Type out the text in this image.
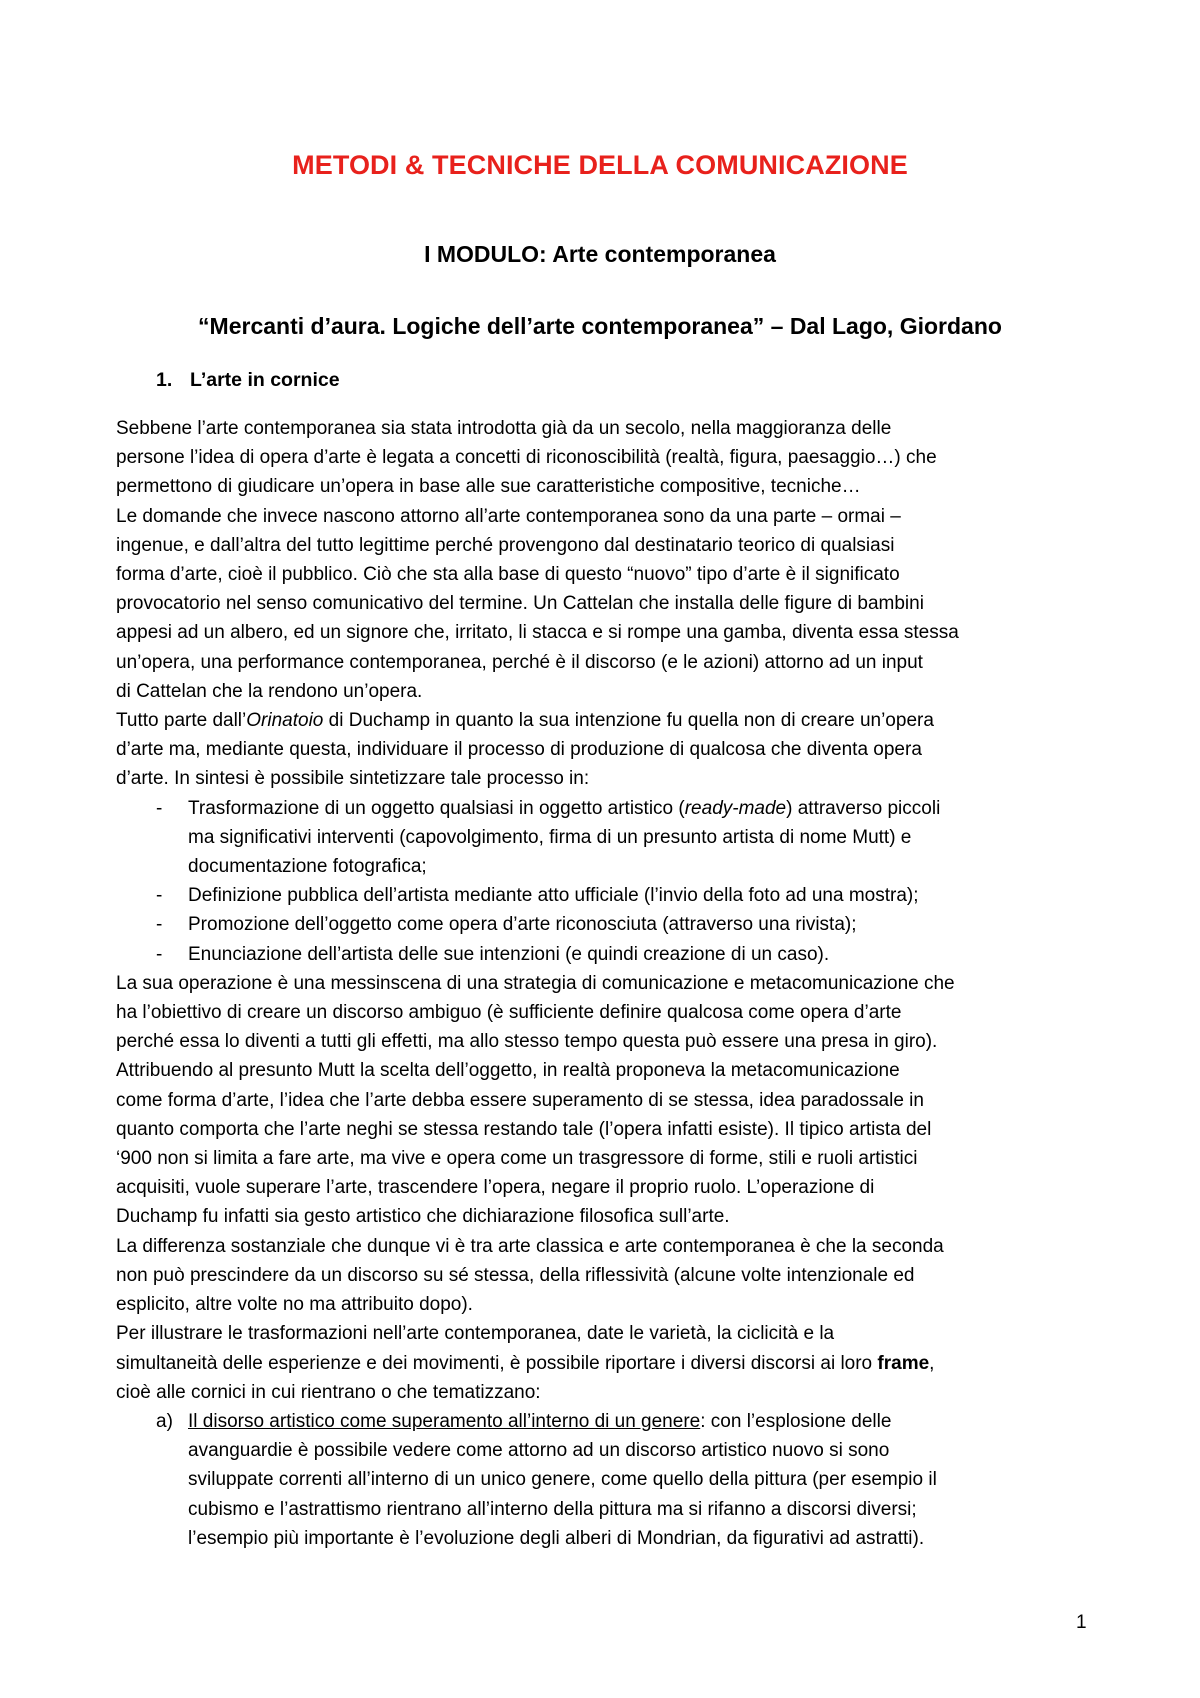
METODI & TECNICHE DELLA COMUNICAZIONE
I MODULO: Arte contemporanea
“Mercanti d’aura. Logiche dell’arte contemporanea” – Dal Lago, Giordano
1. L’arte in cornice

Sebbene l’arte contemporanea sia stata introdotta già da un secolo, nella maggioranza delle

persone l’idea di opera d’arte è legata a concetti di riconoscibilità (realtà, figura, paesaggio…) che

permettono di giudicare un’opera in base alle sue caratteristiche compositive, tecniche…

Le domande che invece nascono attorno all’arte contemporanea sono da una parte – ormai –

ingenue, e dall’altra del tutto legittime perché provengono dal destinatario teorico di qualsiasi

forma d’arte, cioè il pubblico. Ciò che sta alla base di questo “nuovo” tipo d’arte è il significato

provocatorio nel senso comunicativo del termine. Un Cattelan che installa delle figure di bambini

appesi ad un albero, ed un signore che, irritato, li stacca e si rompe una gamba, diventa essa stessa

un’opera, una performance contemporanea, perché è il discorso (e le azioni) attorno ad un input

di Cattelan che la rendono un’opera.

Tutto parte dall’Orinatoio di Duchamp in quanto la sua intenzione fu quella non di creare un’opera

d’arte ma, mediante questa, individuare il processo di produzione di qualcosa che diventa opera

d’arte. In sintesi è possibile sintetizzare tale processo in:

- Trasformazione di un oggetto qualsiasi in oggetto artistico (ready-made) attraverso piccoli
ma significativi interventi (capovolgimento, firma di un presunto artista di nome Mutt) e
documentazione fotografica;
- Definizione pubblica dell’artista mediante atto ufficiale (l’invio della foto ad una mostra);
- Promozione dell’oggetto come opera d’arte riconosciuta (attraverso una rivista);
- Enunciazione dell’artista delle sue intenzioni (e quindi creazione di un caso).

La sua operazione è una messinscena di una strategia di comunicazione e metacomunicazione che

ha l’obiettivo di creare un discorso ambiguo (è sufficiente definire qualcosa come opera d’arte

perché essa lo diventi a tutti gli effetti, ma allo stesso tempo questa può essere una presa in giro).

Attribuendo al presunto Mutt la scelta dell’oggetto, in realtà proponeva la metacomunicazione

come forma d’arte, l’idea che l’arte debba essere superamento di se stessa, idea paradossale in

quanto comporta che l’arte neghi se stessa restando tale (l’opera infatti esiste). Il tipico artista del

‘900 non si limita a fare arte, ma vive e opera come un trasgressore di forme, stili e ruoli artistici

acquisiti, vuole superare l’arte, trascendere l’opera, negare il proprio ruolo. L’operazione di

Duchamp fu infatti sia gesto artistico che dichiarazione filosofica sull’arte.

La differenza sostanziale che dunque vi è tra arte classica e arte contemporanea è che la seconda

non può prescindere da un discorso su sé stessa, della riflessività (alcune volte intenzionale ed

esplicito, altre volte no ma attribuito dopo).

Per illustrare le trasformazioni nell’arte contemporanea, date le varietà, la ciclicità e la

simultaneità delle esperienze e dei movimenti, è possibile riportare i diversi discorsi ai loro frame,

cioè alle cornici in cui rientrano o che tematizzano:

a) Il disorso artistico come superamento all’interno di un genere: con l’esplosione delle
avanguardie è possibile vedere come attorno ad un discorso artistico nuovo si sono
sviluppate correnti all’interno di un unico genere, come quello della pittura (per esempio il
cubismo e l’astrattismo rientrano all’interno della pittura ma si rifanno a discorsi diversi;
l’esempio più importante è l’evoluzione degli alberi di Mondrian, da figurativi ad astratti).
1
